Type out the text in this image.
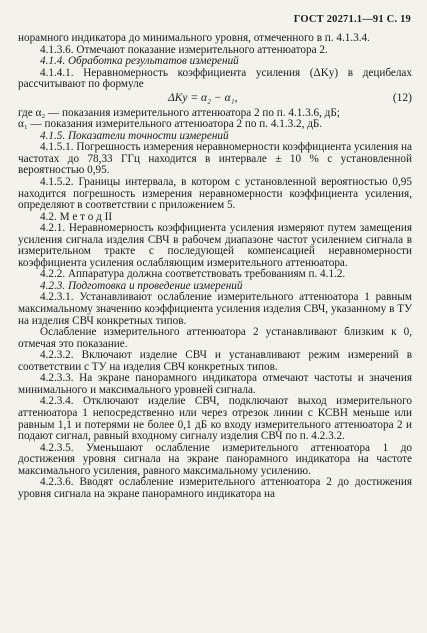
ГОСТ 20271.1—91 С. 19

норамного индикатора до минимального уровня, отмеченного в п. 4.1.3.4.

4.1.3.6. Отмечают показание измерительного аттенюатора 2.

4.1.4. Обработка результатов измерений

4.1.4.1. Неравномерность коэффициента усиления (ΔKу) в децибелах рассчитывают по формуле

ΔKу = α₂ − α₁,	(12)

где α₂ — показания измерительного аттенюатора 2 по п. 4.1.3.6, дБ;

α₁ — показания измерительного аттенюатора 2 по п. 4.1.3.2, дБ.

4.1.5. Показатели точности измерений

4.1.5.1. Погрешность измерения неравномерности коэффициента усиления на частотах до 78,33 ГГц находится в интервале ± 10 % с установленной вероятностью 0,95.

4.1.5.2. Границы интервала, в котором с установленной вероятностью 0,95 находится погрешность измерения неравномерности коэффициента усиления, определяют в соответствии с приложением 5.

4.2. М е т о д II

4.2.1. Неравномерность коэффициента усиления измеряют путем замещения усиления сигнала изделия СВЧ в рабочем диапазоне частот усилением сигнала в измерительном тракте с последующей компенсацией неравномерности коэффициента усиления ослабляющим измерительного аттенюатора.

4.2.2. Аппаратура должна соответствовать требованиям п. 4.1.2.

4.2.3. Подготовка и проведение измерений

4.2.3.1. Устанавливают ослабление измерительного аттенюатора 1 равным максимальному значению коэффициента усиления изделия СВЧ, указанному в ТУ на изделия СВЧ конкретных типов.

Ослабление измерительного аттенюатора 2 устанавливают близким к 0, отмечая это показание.

4.2.3.2. Включают изделие СВЧ и устанавливают режим измерений в соответствии с ТУ на изделия СВЧ конкретных типов.

4.2.3.3. На экране панорамного индикатора отмечают частоты и значения минимального и максимального уровней сигнала.

4.2.3.4. Отключают изделие СВЧ, подключают выход измерительного аттенюатора 1 непосредственно или через отрезок линии с КСВН меньше или равным 1,1 и потерями не более 0,1 дБ ко входу измерительного аттенюатора 2 и подают сигнал, равный входному сигналу изделия СВЧ по п. 4.2.3.2.

4.2.3.5. Уменьшают ослабление измерительного аттенюатора 1 до достижения уровня сигнала на экране панорамного индикатора на частоте максимального усиления, равного максимальному усилению.

4.2.3.6. Вводят ослабление измерительного аттенюатора 2 до достижения уровня сигнала на экране панорамного индикатора на
